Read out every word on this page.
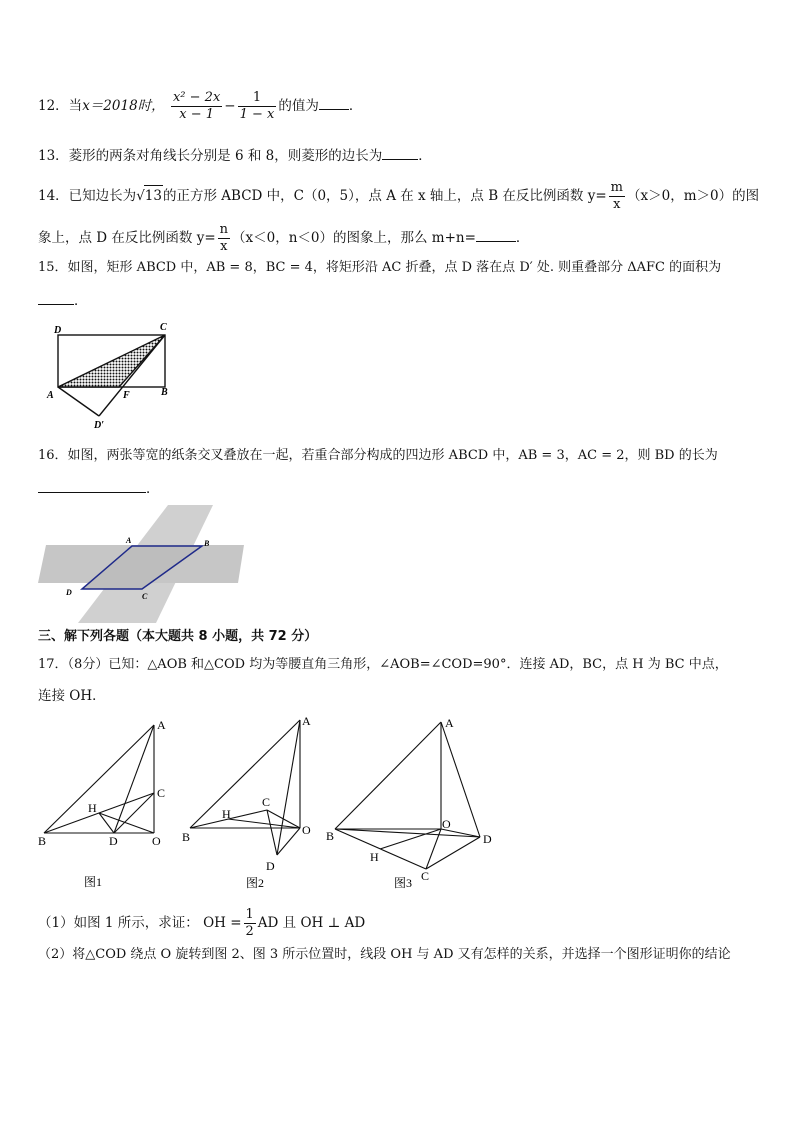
12．当x＝2018时， $\frac{\text{x² − 2x}}{x - 1} - \frac{1}{1 - x}$ 的值为 ．
13．菱形的两条对角线长分别是 6 和 8，则菱形的边长为	．
14．已知边长为√13的正方形 ABCD 中，C（0，5），点 A 在 x 轴上，点 B 在反比例函数 $y= \frac{m}{x} (x>0$，m＞0）的图
象上，点 D 在反比例函数 $y= \frac{n}{x} (x<0$，n＜0）的图象上，那么 m+n=	．
15．如图，矩形 ABCD 中，AB = 8，BC = 4，将矩形沿 AC 折叠，点 D 落在点 D′ 处. 则重叠部分 ΔAFC 的面积为
．
D	C
A	F	B
D′
16．如图，两张等宽的纸条交叉叠放在一起，若重合部分构成的四边形 ABCD 中，AB = 3，AC = 2，则 BD 的长为
．
A	B
C
D
三、解下列各题（本大题共 8 小题，共 72 分）
17．（8分）已知：△AOB 和△COD 均为等腰直角三角形，∠AOB=∠COD=90°．连接 AD，BC，点 H 为 BC 中点，
连接 OH．
A
B
C
D
H
O
图1
A
B
C
D
H
O
图2
A
B
C
D
H
O
图3
（1）如图 1 所示，求证： OH = $\frac{1}{2}$ AD 且 OH ⊥ AD
（2）将△COD 绕点 O 旋转到图 2、图 3 所示位置时，线段 OH 与 AD 又有怎样的关系，并选择一个图形证明你的结论
